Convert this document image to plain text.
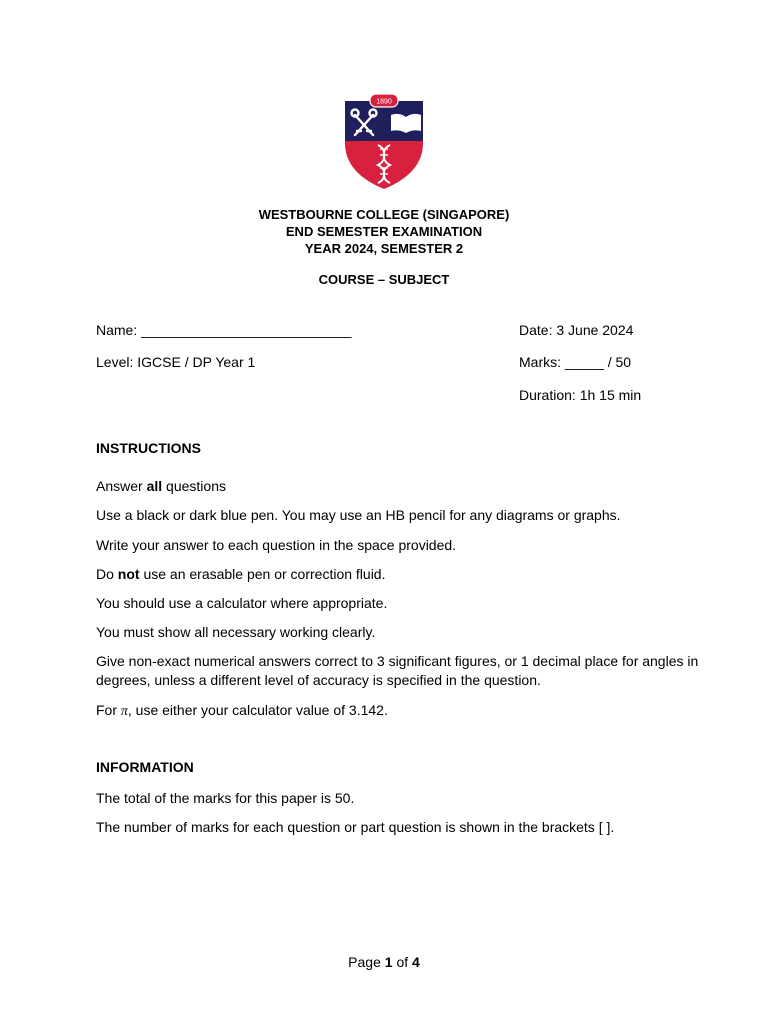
1890
WESTBOURNE COLLEGE (SINGAPORE)
END SEMESTER EXAMINATION
YEAR 2024, SEMESTER 2
COURSE – SUBJECT
Name: ___________________________	Date: 3 June 2024
Level: IGCSE / DP Year 1	Marks: _____ / 50
Duration: 1h 15 min
INSTRUCTIONS
Answer all questions
Use a black or dark blue pen. You may use an HB pencil for any diagrams or graphs.
Write your answer to each question in the space provided.
Do not use an erasable pen or correction fluid.
You should use a calculator where appropriate.
You must show all necessary working clearly.
Give non-exact numerical answers correct to 3 significant figures, or 1 decimal place for angles in degrees, unless a different level of accuracy is specified in the question.
For π, use either your calculator value of 3.142.
INFORMATION
The total of the marks for this paper is 50.
The number of marks for each question or part question is shown in the brackets [ ].
Page 1 of 4
